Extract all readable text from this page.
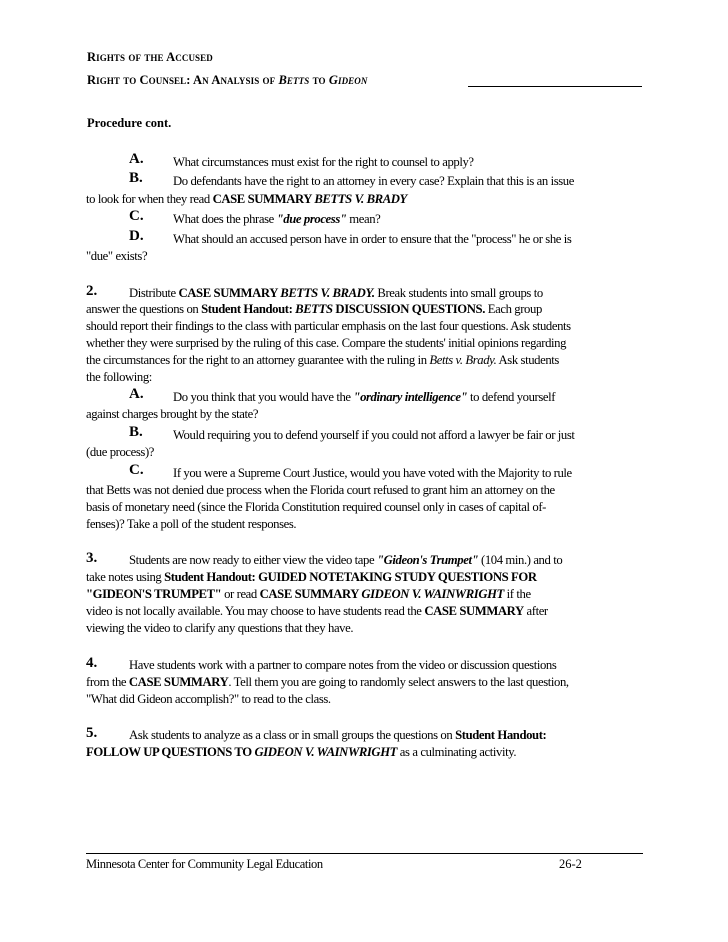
Rights of the Accused
Right to Counsel: An Analysis of Betts to Gideon
Procedure cont.
A. What circumstances must exist for the right to counsel to apply?
B. Do defendants have the right to an attorney in every case? Explain that this is an issue
to look for when they read CASE SUMMARY BETTS V. BRADY
C. What does the phrase "due process" mean?
D. What should an accused person have in order to ensure that the "process" he or she is
"due" exists?
2.	Distribute CASE SUMMARY BETTS V. BRADY. Break students into small groups to
answer the questions on Student Handout: BETTS DISCUSSION QUESTIONS. Each group
should report their findings to the class with particular emphasis on the last four questions. Ask students
whether they were surprised by the ruling of this case. Compare the students' initial opinions regarding
the circumstances for the right to an attorney guarantee with the ruling in Betts v. Brady. Ask students
the following:
A. Do you think that you would have the "ordinary intelligence" to defend yourself
against charges brought by the state?
B. Would requiring you to defend yourself if you could not afford a lawyer be fair or just
(due process)?
C. If you were a Supreme Court Justice, would you have voted with the Majority to rule
that Betts was not denied due process when the Florida court refused to grant him an attorney on the
basis of monetary need (since the Florida Constitution required counsel only in cases of capital of-
fenses)? Take a poll of the student responses.
3.	Students are now ready to either view the video tape "Gideon's Trumpet" (104 min.) and to
take notes using Student Handout: GUIDED NOTETAKING STUDY QUESTIONS FOR
"GIDEON'S TRUMPET" or read CASE SUMMARY GIDEON V. WAINWRIGHT if the
video is not locally available. You may choose to have students read the CASE SUMMARY after
viewing the video to clarify any questions that they have.
4.	Have students work with a partner to compare notes from the video or discussion questions
from the CASE SUMMARY. Tell them you are going to randomly select answers to the last question,
"What did Gideon accomplish?" to read to the class.
5.	Ask students to analyze as a class or in small groups the questions on Student Handout:
FOLLOW UP QUESTIONS TO GIDEON V. WAINWRIGHT as a culminating activity.
Minnesota Center for Community Legal Education	26-2
